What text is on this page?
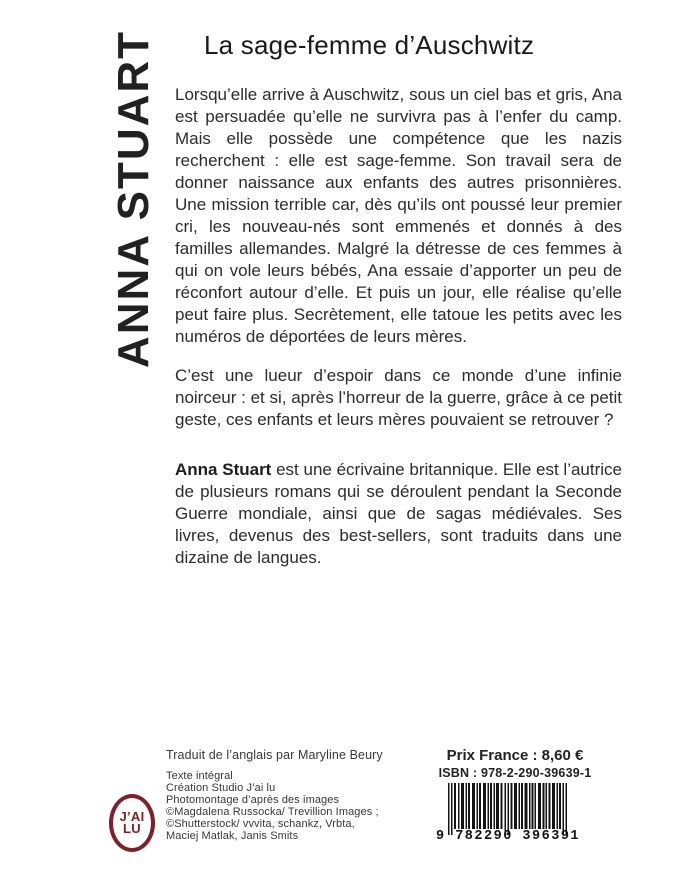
ANNA STUART La sage-femme d’Auschwitz

Lorsqu’elle arrive à Auschwitz, sous un ciel bas et gris, Ana est persuadée qu’elle ne survivra pas à l’enfer du camp. Mais elle possède une compétence que les nazis recherchent : elle est sage-femme. Son travail sera de donner naissance aux enfants des autres prisonnières. Une mission terrible car, dès qu’ils ont poussé leur premier cri, les nouveau-nés sont emmenés et donnés à des familles allemandes. Malgré la détresse de ces femmes à qui on vole leurs bébés, Ana essaie d’apporter un peu de réconfort autour d’elle. Et puis un jour, elle réalise qu’elle peut faire plus. Secrètement, elle tatoue les petits avec les numéros de déportées de leurs mères.

C’est une lueur d’espoir dans ce monde d’une infinie noirceur : et si, après l’horreur de la guerre, grâce à ce petit geste, ces enfants et leurs mères pouvaient se retrouver ?

Anna Stuart est une écrivaine britannique. Elle est l’autrice de plusieurs romans qui se déroulent pendant la Seconde Guerre mondiale, ainsi que de sagas médiévales. Ses livres, devenus des best-sellers, sont traduits dans une dizaine de langues.

Traduit de l’anglais par Maryline Beury
Texte intégral
Création Studio J’ai lu
Photomontage d’après des images
©Magdalena Russocka/ Trevillion Images ;
©Shutterstock/ vvvita, schankz, Vrbta,
Maciej Matlak, Janis Smits
J’AI
LU
Prix France : 8,60 €
ISBN : 978-2-290-39639-1
9 782290 396391
